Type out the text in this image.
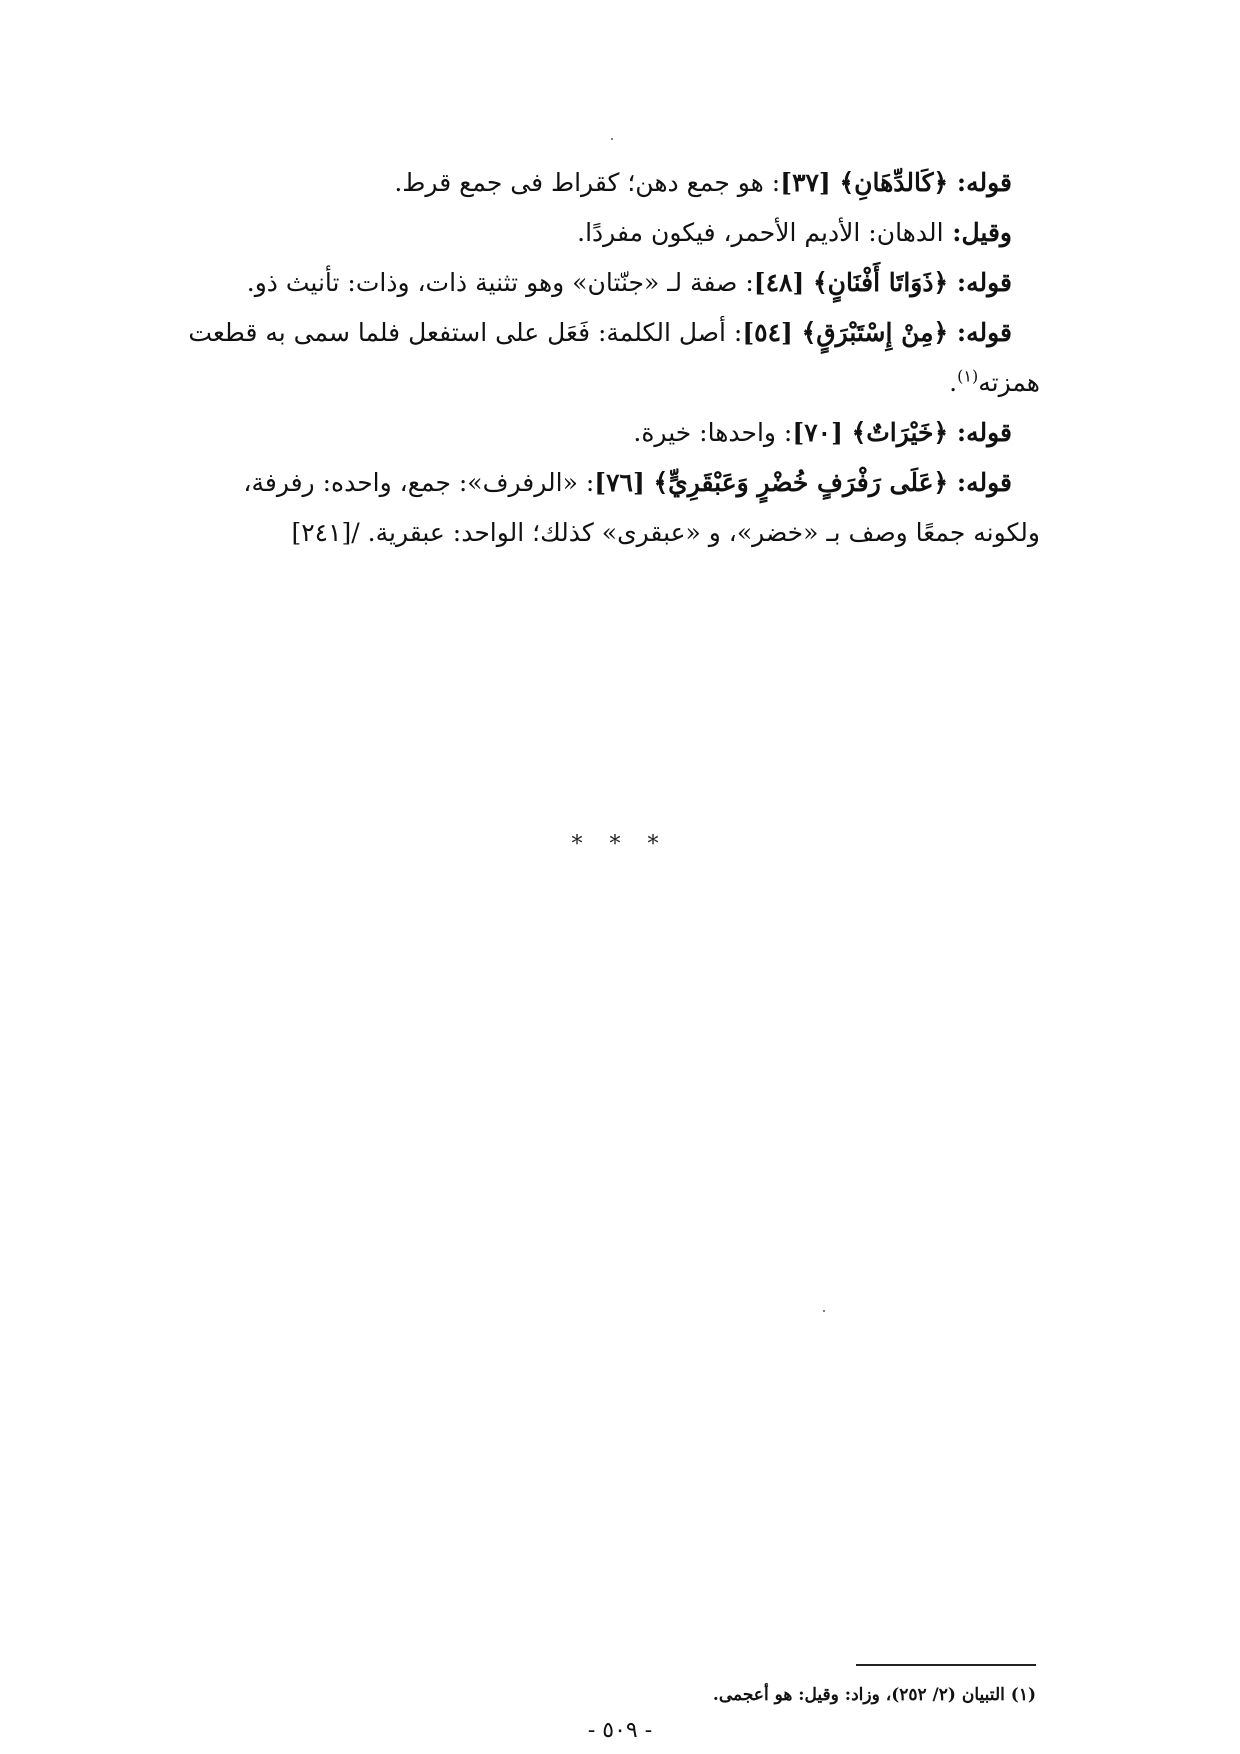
قوله: ﴿كَالدِّهَانِ﴾ [٣٧]: هو جمع دهن؛ كقراط فى جمع قرط.
وقيل: الدهان: الأديم الأحمر، فيكون مفردًا.
قوله: ﴿ذَوَاتَا أَفْنَانٍ﴾ [٤٨]: صفة لـ «جنّتان» وهو تثنية ذات، وذات: تأنيث ذو.
قوله: ﴿مِنْ إِسْتَبْرَقٍ﴾ [٥٤]: أصل الكلمة: فَعَل على استفعل فلما سمى به قطعت
همزته$^{(١)}$.
قوله: ﴿خَيْرَاتٌ﴾ [٧٠]: واحدها: خيرة.
قوله: ﴿عَلَى رَفْرَفٍ خُضْرٍ وَعَبْقَرِيٍّ﴾ [٧٦]: «الرفرف»: جمع، واحده: رفرفة،
ولكونه جمعًا وصف بـ «خضر»، و «عبقرى» كذلك؛ الواحد: عبقرية. /[٢٤١]
* * *
(١) التبيان (٢/ ٢٥٢)، وزاد: وقيل: هو أعجمى.
- ٥٠٩ -
